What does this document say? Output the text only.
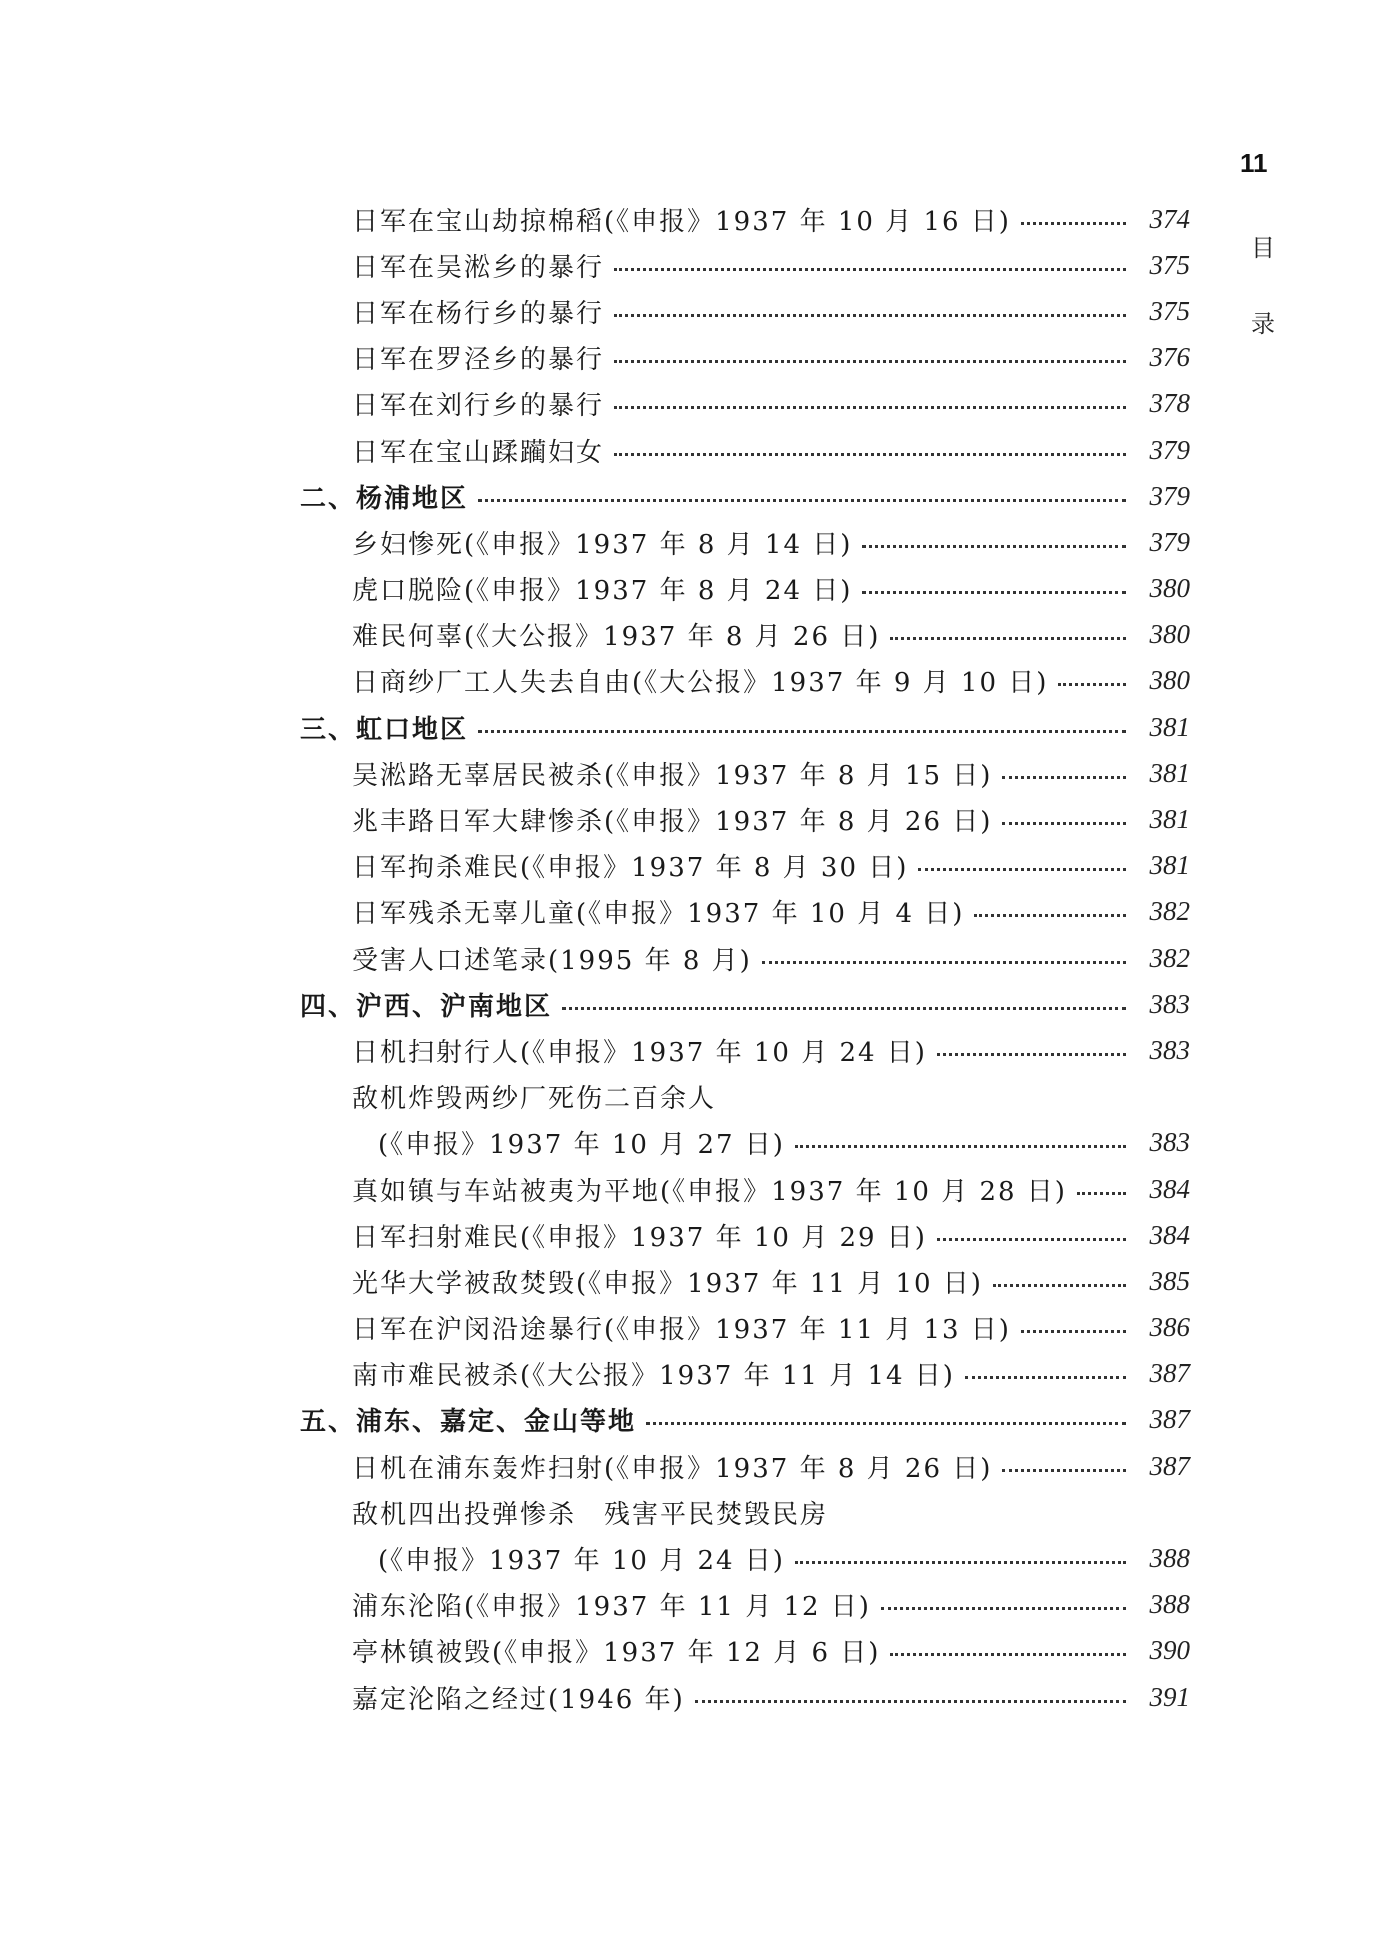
11
目录
日军在宝山劫掠棉稻(《申报》1937 年 10 月 16 日)	374
日军在吴淞乡的暴行	375
日军在杨行乡的暴行	375
日军在罗泾乡的暴行	376
日军在刘行乡的暴行	378
日军在宝山蹂躏妇女	379
二、杨浦地区	379
乡妇惨死(《申报》1937 年 8 月 14 日)	379
虎口脱险(《申报》1937 年 8 月 24 日)	380
难民何辜(《大公报》1937 年 8 月 26 日)	380
日商纱厂工人失去自由(《大公报》1937 年 9 月 10 日)	380
三、虹口地区	381
吴淞路无辜居民被杀(《申报》1937 年 8 月 15 日)	381
兆丰路日军大肆惨杀(《申报》1937 年 8 月 26 日)	381
日军拘杀难民(《申报》1937 年 8 月 30 日)	381
日军残杀无辜儿童(《申报》1937 年 10 月 4 日)	382
受害人口述笔录(1995 年 8 月)	382
四、沪西、沪南地区	383
日机扫射行人(《申报》1937 年 10 月 24 日)	383
敌机炸毁两纱厂死伤二百余人
(《申报》1937 年 10 月 27 日)	383
真如镇与车站被夷为平地(《申报》1937 年 10 月 28 日)	384
日军扫射难民(《申报》1937 年 10 月 29 日)	384
光华大学被敌焚毁(《申报》1937 年 11 月 10 日)	385
日军在沪闵沿途暴行(《申报》1937 年 11 月 13 日)	386
南市难民被杀(《大公报》1937 年 11 月 14 日)	387
五、浦东、嘉定、金山等地	387
日机在浦东轰炸扫射(《申报》1937 年 8 月 26 日)	387
敌机四出投弹惨杀　残害平民焚毁民房
(《申报》1937 年 10 月 24 日)	388
浦东沦陷(《申报》1937 年 11 月 12 日)	388
亭林镇被毁(《申报》1937 年 12 月 6 日)	390
嘉定沦陷之经过(1946 年)	391
